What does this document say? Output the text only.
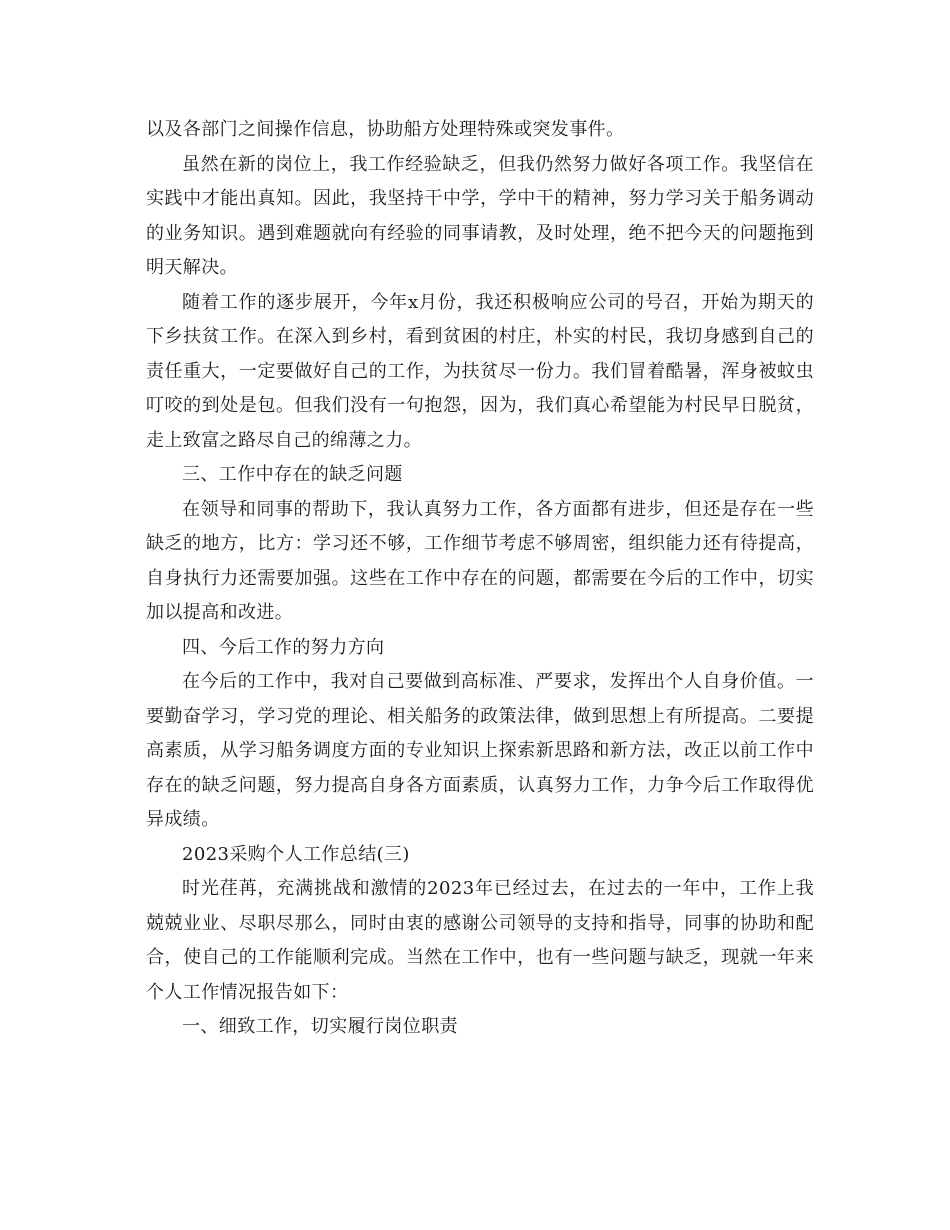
以及各部门之间操作信息，协助船方处理特殊或突发事件。

虽然在新的岗位上，我工作经验缺乏，但我仍然努力做好各项工作。我坚信在实践中才能出真知。因此，我坚持干中学，学中干的精神，努力学习关于船务调动的业务知识。遇到难题就向有经验的同事请教，及时处理，绝不把今天的问题拖到明天解决。

随着工作的逐步展开，今年x月份，我还积极响应公司的号召，开始为期天的下乡扶贫工作。在深入到乡村，看到贫困的村庄，朴实的村民，我切身感到自己的责任重大，一定要做好自己的工作，为扶贫尽一份力。我们冒着酷暑，浑身被蚊虫叮咬的到处是包。但我们没有一句抱怨，因为，我们真心希望能为村民早日脱贫，走上致富之路尽自己的绵薄之力。

三、工作中存在的缺乏问题

在领导和同事的帮助下，我认真努力工作，各方面都有进步，但还是存在一些缺乏的地方，比方：学习还不够，工作细节考虑不够周密，组织能力还有待提高，自身执行力还需要加强。这些在工作中存在的问题，都需要在今后的工作中，切实加以提高和改进。

四、今后工作的努力方向

在今后的工作中，我对自己要做到高标准、严要求，发挥出个人自身价值。一要勤奋学习，学习党的理论、相关船务的政策法律，做到思想上有所提高。二要提高素质，从学习船务调度方面的专业知识上探索新思路和新方法，改正以前工作中存在的缺乏问题，努力提高自身各方面素质，认真努力工作，力争今后工作取得优异成绩。

2023采购个人工作总结(三)

时光荏苒，充满挑战和激情的2023年已经过去，在过去的一年中，工作上我兢兢业业、尽职尽那么，同时由衷的感谢公司领导的支持和指导，同事的协助和配合，使自己的工作能顺利完成。当然在工作中，也有一些问题与缺乏，现就一年来个人工作情况报告如下：

一、细致工作，切实履行岗位职责
